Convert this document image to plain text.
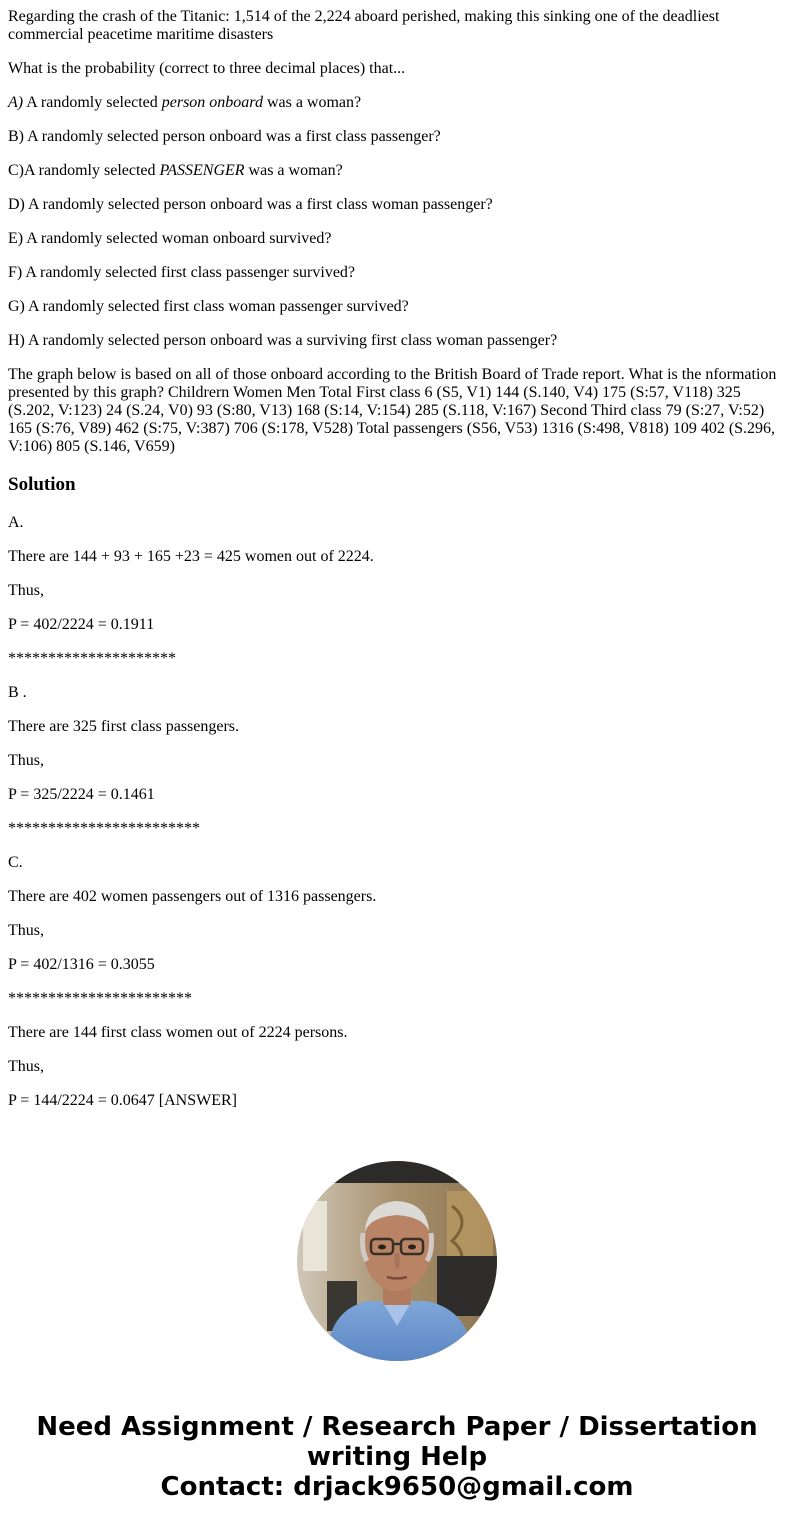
Regarding the crash of the Titanic: 1,514 of the 2,224 aboard perished, making this sinking one of the deadliest commercial peacetime maritime disasters

What is the probability (correct to three decimal places) that...

A) A randomly selected person onboard was a woman?

B) A randomly selected person onboard was a first class passenger?

C)A randomly selected PASSENGER was a woman?

D) A randomly selected person onboard was a first class woman passenger?

E) A randomly selected woman onboard survived?

F) A randomly selected first class passenger survived?

G) A randomly selected first class woman passenger survived?

H) A randomly selected person onboard was a surviving first class woman passenger?

The graph below is based on all of those onboard according to the British Board of Trade report. What is the nformation presented by this graph? Childrern Women Men Total First class 6 (S5, V1) 144 (S.140, V4) 175 (S:57, V118) 325 (S.202, V:123) 24 (S.24, V0) 93 (S:80, V13) 168 (S:14, V:154) 285 (S.118, V:167) Second Third class 79 (S:27, V:52) 165 (S:76, V89) 462 (S:75, V:387) 706 (S:178, V528) Total passengers (S56, V53) 1316 (S:498, V818) 109 402 (S.296, V:106) 805 (S.146, V659)

Solution

A.

There are 144 + 93 + 165 +23 = 425 women out of 2224.

Thus,

P = 402/2224 = 0.1911

*********************

B .

There are 325 first class passengers.

Thus,

P = 325/2224 = 0.1461

************************

C.

There are 402 women passengers out of 1316 passengers.

Thus,

P = 402/1316 = 0.3055

***********************

There are 144 first class women out of 2224 persons.

Thus,

P = 144/2224 = 0.0647 [ANSWER]

Need Assignment / Research Paper / Dissertation
writing Help
Contact: drjack9650@gmail.com
